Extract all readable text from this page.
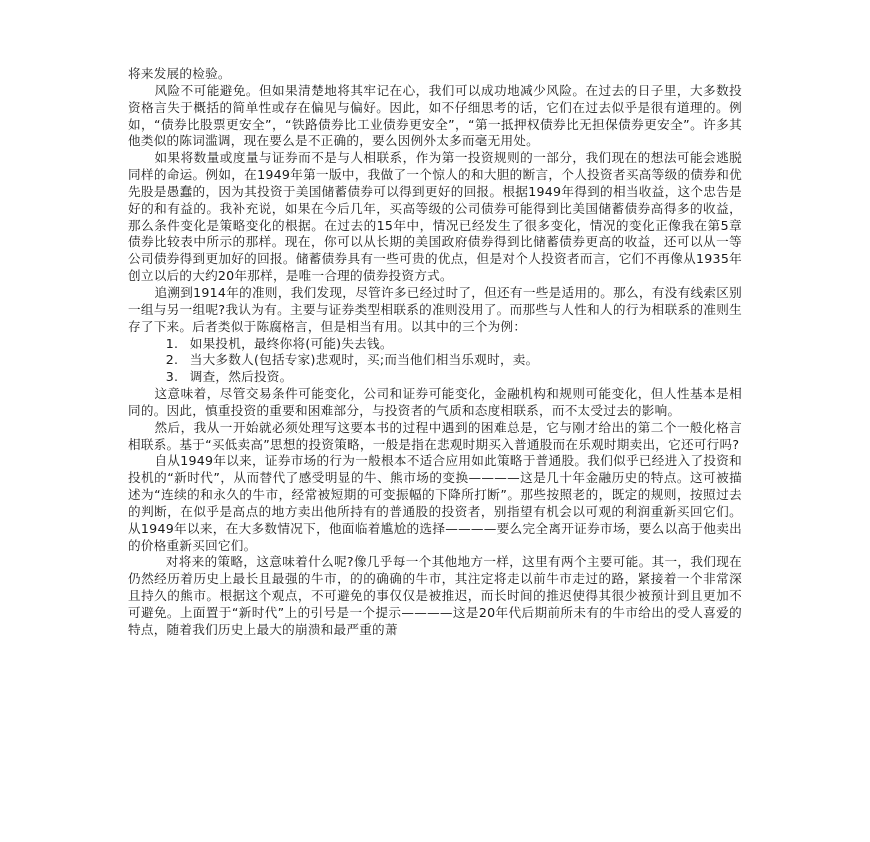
将来发展的检验。

风险不可能避免。但如果清楚地将其牢记在心，我们可以成功地减少风险。在过去的日子里，大多数投资格言失于概括的简单性或存在偏见与偏好。因此，如不仔细思考的话，它们在过去似乎是很有道理的。例如，“债券比股票更安全”，“铁路债券比工业债券更安全”，“第一抵押权债券比无担保债券更安全”。许多其他类似的陈词滥调，现在要么是不正确的，要么因例外太多而毫无用处。

如果将数量或度量与证券而不是与人相联系，作为第一投资规则的一部分，我们现在的想法可能会逃脱同样的命运。例如，在1949年第一版中，我做了一个惊人的和大胆的断言，个人投资者买高等级的债券和优先股是愚蠢的，因为其投资于美国储蓄债券可以得到更好的回报。根据1949年得到的相当收益，这个忠告是好的和有益的。我补充说，如果在今后几年，买高等级的公司债券可能得到比美国储蓄债券高得多的收益，那么条件变化是策略变化的根据。在过去的15年中，情况已经发生了很多变化，情况的变化正像我在第5章债券比较表中所示的那样。现在，你可以从长期的美国政府债券得到比储蓄债券更高的收益，还可以从一等公司债券得到更加好的回报。储蓄债券具有一些可贵的优点，但是对个人投资者而言，它们不再像从1935年创立以后的大约20年那样，是唯一合理的债券投资方式。

追溯到1914年的准则，我们发现，尽管许多已经过时了，但还有一些是适用的。那么，有没有线索区别一组与另一组呢?我认为有。主要与证券类型相联系的准则没用了。而那些与人性和人的行为相联系的准则生存了下来。后者类似于陈腐格言，但是相当有用。以其中的三个为例：

1. 如果投机，最终你将(可能)失去钱。

2. 当大多数人(包括专家)悲观时，买;而当他们相当乐观时，卖。

3. 调查，然后投资。

这意味着，尽管交易条件可能变化，公司和证券可能变化，金融机构和规则可能变化，但人性基本是相同的。因此，慎重投资的重要和困难部分，与投资者的气质和态度相联系，而不太受过去的影响。

然后，我从一开始就必须处理写这要本书的过程中遇到的困难总是，它与刚才给出的第二个一般化格言相联系。基于“买低卖高”思想的投资策略，一般是指在悲观时期买入普通股而在乐观时期卖出，它还可行吗?

自从1949年以来，证券市场的行为一般根本不适合应用如此策略于普通股。我们似乎已经进入了投资和投机的“新时代”，从而替代了感受明显的牛、熊市场的变换————这是几十年金融历史的特点。这可被描述为“连续的和永久的牛市，经常被短期的可变振幅的下降所打断”。那些按照老的，既定的规则，按照过去的判断，在似乎是高点的地方卖出他所持有的普通股的投资者，别指望有机会以可观的利润重新买回它们。从1949年以来，在大多数情况下，他面临着尴尬的选择————要么完全离开证券市场，要么以高于他卖出的价格重新买回它们。

对将来的策略，这意味着什么呢?像几乎每一个其他地方一样，这里有两个主要可能。其一，我们现在仍然经历着历史上最长且最强的牛市，的的确确的牛市，其注定将走以前牛市走过的路，紧接着一个非常深且持久的熊市。根据这个观点，不可避免的事仅仅是被推迟，而长时间的推迟使得其很少被预计到且更加不可避免。上面置于“新时代”上的引号是一个提示————这是20年代后期前所未有的牛市给出的受人喜爱的特点，随着我们历史上最大的崩溃和最严重的萧
